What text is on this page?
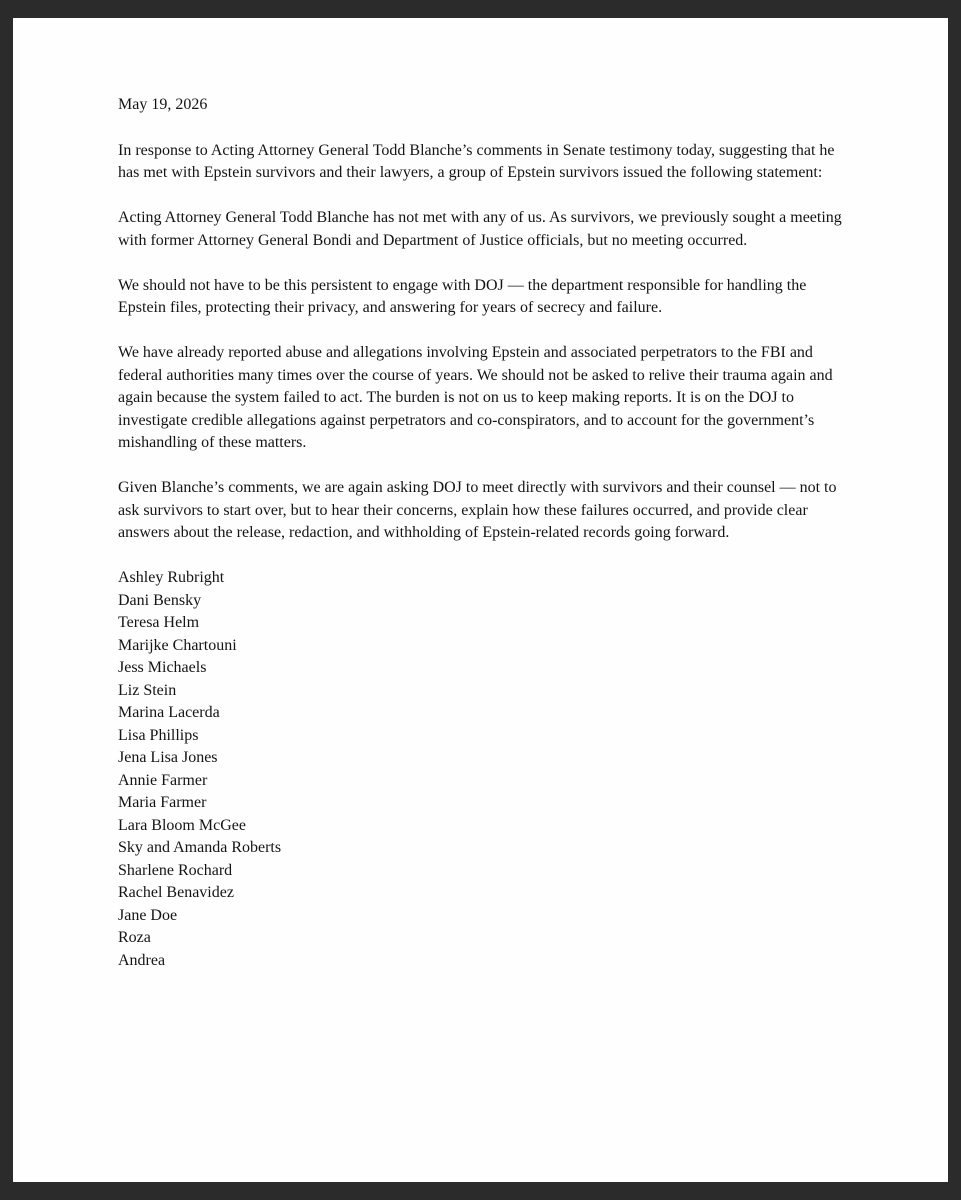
May 19, 2026

In response to Acting Attorney General Todd Blanche’s comments in Senate testimony today, suggesting that he has met with Epstein survivors and their lawyers, a group of Epstein survivors issued the following statement:

Acting Attorney General Todd Blanche has not met with any of us. As survivors, we previously sought a meeting with former Attorney General Bondi and Department of Justice officials, but no meeting occurred.

We should not have to be this persistent to engage with DOJ — the department responsible for handling the Epstein files, protecting their privacy, and answering for years of secrecy and failure.

We have already reported abuse and allegations involving Epstein and associated perpetrators to the FBI and federal authorities many times over the course of years. We should not be asked to relive their trauma again and again because the system failed to act. The burden is not on us to keep making reports. It is on the DOJ to investigate credible allegations against perpetrators and co-conspirators, and to account for the government’s mishandling of these matters.

Given Blanche’s comments, we are again asking DOJ to meet directly with survivors and their counsel — not to ask survivors to start over, but to hear their concerns, explain how these failures occurred, and provide clear answers about the release, redaction, and withholding of Epstein-related records going forward.

Ashley Rubright
Dani Bensky
Teresa Helm
Marijke Chartouni
Jess Michaels
Liz Stein
Marina Lacerda
Lisa Phillips
Jena Lisa Jones
Annie Farmer
Maria Farmer
Lara Bloom McGee
Sky and Amanda Roberts
Sharlene Rochard
Rachel Benavidez
Jane Doe
Roza
Andrea
